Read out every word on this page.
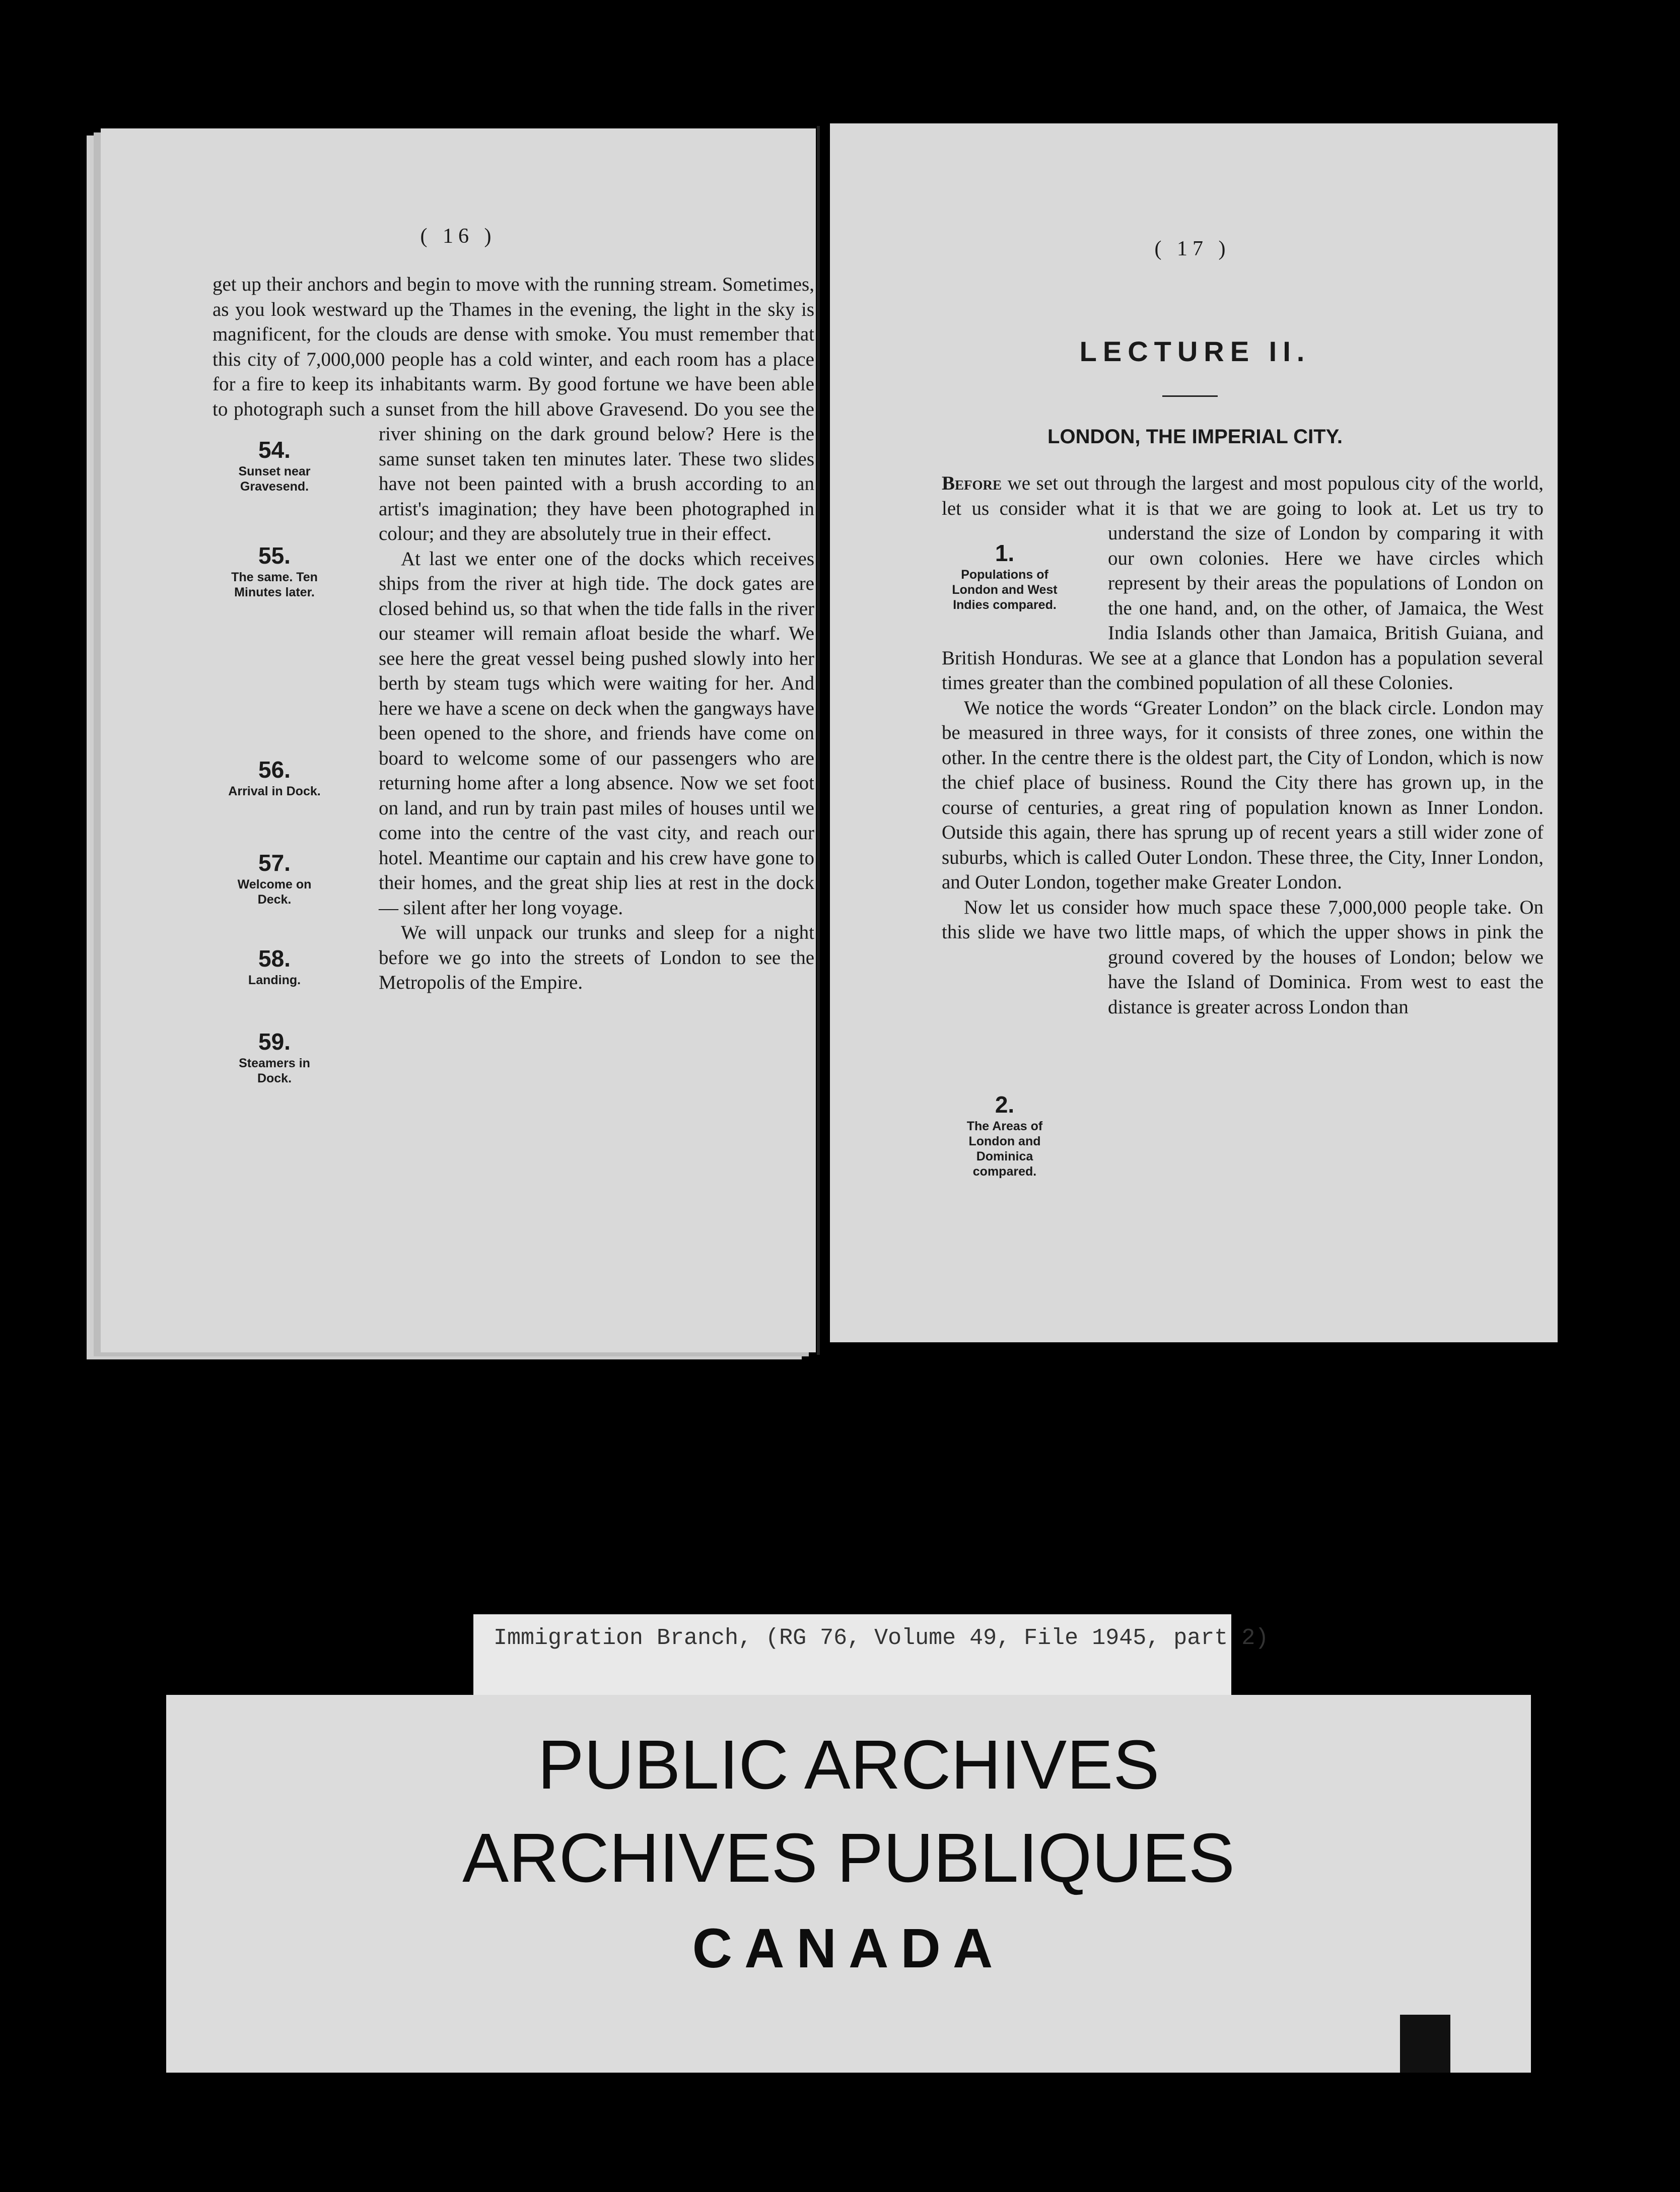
( 16 )

get up their anchors and begin to move with the running stream. Sometimes, as you look westward up the Thames in the evening, the light in the sky is magnificent, for the clouds are dense with smoke. You must remember that this city of 7,000,000 people has a cold winter, and each room has a place for a fire to keep its inhabitants warm. By good fortune we have been able to photograph such a sunset from the hill above Gravesend. Do you see the river shining on the dark ground below? Here is the same sunset taken ten minutes later. These two slides have not been painted with a brush according to an artist's imagination; they have been photographed in colour; and they are absolutely true in their effect.

At last we enter one of the docks which receives ships from the river at high tide. The dock gates are closed behind us, so that when the tide falls in the river our steamer will remain afloat beside the wharf. We see here the great vessel being pushed slowly into her berth by steam tugs which were waiting for her. And here we have a scene on deck when the gangways have been opened to the shore, and friends have come on board to welcome some of our passengers who are returning home after a long absence. Now we set foot on land, and run by train past miles of houses until we come into the centre of the vast city, and reach our hotel. Meantime our captain and his crew have gone to their homes, and the great ship lies at rest in the dock — silent after her long voyage.

We will unpack our trunks and sleep for a night before we go into the streets of London to see the Metropolis of the Empire.

54.
Sunset near Gravesend.
55.
The same. Ten Minutes later.
56.
Arrival in Dock.
57.
Welcome on Deck.
58.
Landing.
59.
Steamers in Dock.
( 17 )
LECTURE II.
LONDON, THE IMPERIAL CITY.

Before we set out through the largest and most populous city of the world, let us consider what it is that we are going to look at. Let us try to understand the size of London by comparing it with our own colonies. Here we have circles which represent by their areas the populations of London on the one hand, and, on the other, of Jamaica, the West India Islands other than Jamaica, British Guiana, and British Honduras. We see at a glance that London has a population several times greater than the combined population of all these Colonies.

We notice the words “Greater London” on the black circle. London may be measured in three ways, for it consists of three zones, one within the other. In the centre there is the oldest part, the City of London, which is now the chief place of business. Round the City there has grown up, in the course of centuries, a great ring of population known as Inner London. Outside this again, there has sprung up of recent years a still wider zone of suburbs, which is called Outer London. These three, the City, Inner London, and Outer London, together make Greater London.

Now let us consider how much space these 7,000,000 people take. On this slide we have two little maps, of which the upper shows in pink the ground covered by the houses of London; below we have the Island of Dominica. From west to east the distance is greater across London than

1.
Populations of London and West Indies compared.
2.
The Areas of London and Dominica compared.
Immigration Branch, (RG 76, Volume 49, File 1945, part 2)
PUBLIC ARCHIVES
ARCHIVES PUBLIQUES
CANADA
